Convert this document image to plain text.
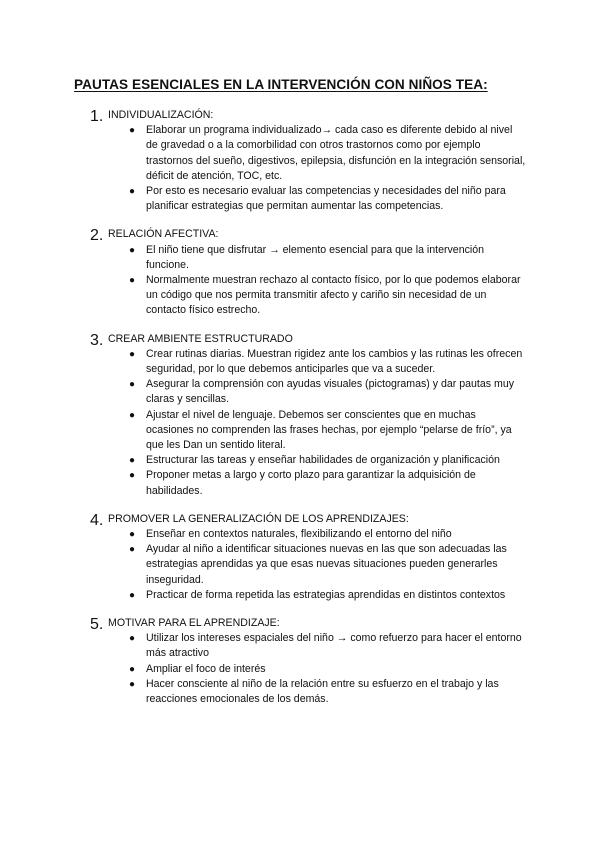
PAUTAS ESENCIALES EN LA INTERVENCIÓN CON NIÑOS TEA:
1. INDIVIDUALIZACIÓN:
● Elaborar un programa individualizado→ cada caso es diferente debido al nivel de gravedad o a la comorbilidad con otros trastornos como por ejemplo trastornos del sueño, digestivos, epilepsia, disfunción en la integración sensorial, déficit de atención, TOC, etc.
● Por esto es necesario evaluar las competencias y necesidades del niño para planificar estrategias que permitan aumentar las competencias.
2. RELACIÓN AFECTIVA:
● El niño tiene que disfrutar → elemento esencial para que la intervención funcione.
● Normalmente muestran rechazo al contacto físico, por lo que podemos elaborar un código que nos permita transmitir afecto y cariño sin necesidad de un contacto físico estrecho.
3. CREAR AMBIENTE ESTRUCTURADO
● Crear rutinas diarias. Muestran rigidez ante los cambios y las rutinas les ofrecen seguridad, por lo que debemos anticiparles que va a suceder.
● Asegurar la comprensión con ayudas visuales (pictogramas) y dar pautas muy claras y sencillas.
● Ajustar el nivel de lenguaje. Debemos ser conscientes que en muchas ocasiones no comprenden las frases hechas, por ejemplo “pelarse de frío”, ya que les Dan un sentido literal.
● Estructurar las tareas y enseñar habilidades de organización y planificación
● Proponer metas a largo y corto plazo para garantizar la adquisición de habilidades.
4. PROMOVER LA GENERALIZACIÓN DE LOS APRENDIZAJES:
● Enseñar en contextos naturales, flexibilizando el entorno del niño
● Ayudar al niño a identificar situaciones nuevas en las que son adecuadas las estrategias aprendidas ya que esas nuevas situaciones pueden generarles inseguridad.
● Practicar de forma repetida las estrategias aprendidas en distintos contextos
5. MOTIVAR PARA EL APRENDIZAJE:
● Utilizar los intereses espaciales del niño → como refuerzo para hacer el entorno más atractivo
● Ampliar el foco de interés
● Hacer consciente al niño de la relación entre su esfuerzo en el trabajo y las reacciones emocionales de los demás.
